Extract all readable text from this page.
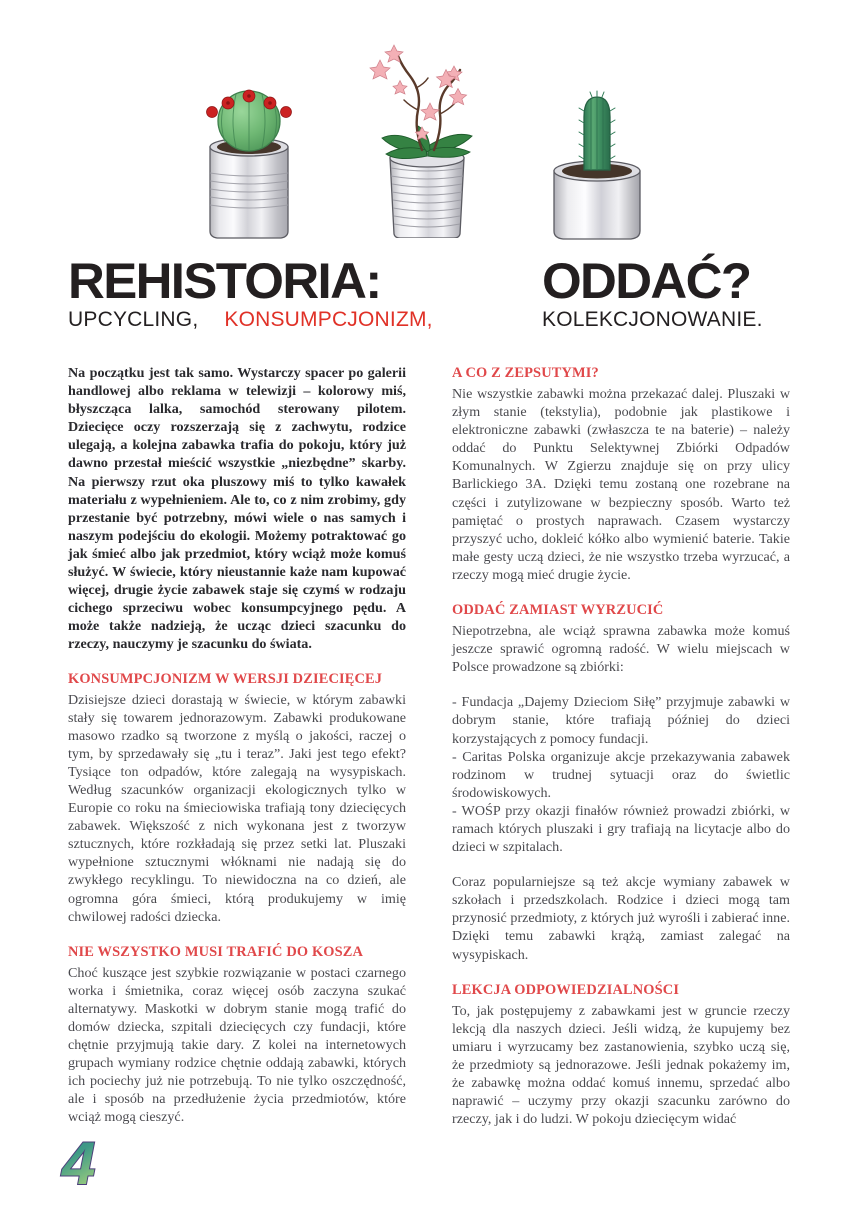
REHISTORIA:
UPCYCLING, KONSUMPCJONIZM,
ODDAĆ?
KOLEKCJONOWANIE.

Na początku jest tak samo. Wystarczy spacer po galerii handlowej albo reklama w telewizji – kolorowy miś, błyszcząca lalka, samochód sterowany pilotem. Dziecięce oczy rozszerzają się z zachwytu, rodzice ulegają, a kolejna zabawka trafia do pokoju, który już dawno przestał mieścić wszystkie „niezbędne” skarby. Na pierwszy rzut oka pluszowy miś to tylko kawałek materiału z wypełnieniem. Ale to, co z nim zrobimy, gdy przestanie być potrzebny, mówi wiele o nas samych i naszym podejściu do ekologii. Możemy potraktować go jak śmieć albo jak przedmiot, który wciąż może komuś służyć. W świecie, który nieustannie każe nam kupować więcej, drugie życie zabawek staje się czymś w rodzaju cichego sprzeciwu wobec konsumpcyjnego pędu. A może także nadzieją, że ucząc dzieci szacunku do rzeczy, nauczymy je szacunku do świata.

KONSUMPCJONIZM W WERSJI DZIECIĘCEJ

Dzisiejsze dzieci dorastają w świecie, w którym zabawki stały się towarem jednorazowym. Zabawki produkowane masowo rzadko są tworzone z myślą o jakości, raczej o tym, by sprzedawały się „tu i teraz”. Jaki jest tego efekt? Tysiące ton odpadów, które zalegają na wysypiskach. Według szacunków organizacji ekologicznych tylko w Europie co roku na śmieciowiska trafiają tony dziecięcych zabawek. Większość z nich wykonana jest z tworzyw sztucznych, które rozkładają się przez setki lat. Pluszaki wypełnione sztucznymi włóknami nie nadają się do zwykłego recyklingu. To niewidoczna na co dzień, ale ogromna góra śmieci, którą produkujemy w imię chwilowej radości dziecka.

NIE WSZYSTKO MUSI TRAFIĆ DO KOSZA

Choć kuszące jest szybkie rozwiązanie w postaci czarnego worka i śmietnika, coraz więcej osób zaczyna szukać alternatywy. Maskotki w dobrym stanie mogą trafić do domów dziecka, szpitali dziecięcych czy fundacji, które chętnie przyjmują takie dary. Z kolei na internetowych grupach wymiany rodzice chętnie oddają zabawki, których ich pociechy już nie potrzebują. To nie tylko oszczędność, ale i sposób na przedłużenie życia przedmiotów, które wciąż mogą cieszyć.

A CO Z ZEPSUTYMI?

Nie wszystkie zabawki można przekazać dalej. Pluszaki w złym stanie (tekstylia), podobnie jak plastikowe i elektroniczne zabawki (zwłaszcza te na baterie) – należy oddać do Punktu Selektywnej Zbiórki Odpadów Komunalnych. W Zgierzu znajduje się on przy ulicy Barlickiego 3A. Dzięki temu zostaną one rozebrane na części i zutylizowane w bezpieczny sposób. Warto też pamiętać o prostych naprawach. Czasem wystarczy przyszyć ucho, dokleić kółko albo wymienić baterie. Takie małe gesty uczą dzieci, że nie wszystko trzeba wyrzucać, a rzeczy mogą mieć drugie życie.

ODDAĆ ZAMIAST WYRZUCIĆ

Niepotrzebna, ale wciąż sprawna zabawka może komuś jeszcze sprawić ogromną radość. W wielu miejscach w Polsce prowadzone są zbiórki:

- Fundacja „Dajemy Dzieciom Siłę” przyjmuje zabawki w dobrym stanie, które trafiają później do dzieci korzystających z pomocy fundacji.

- Caritas Polska organizuje akcje przekazywania zabawek rodzinom w trudnej sytuacji oraz do świetlic środowiskowych.

- WOŚP przy okazji finałów również prowadzi zbiórki, w ramach których pluszaki i gry trafiają na licytacje albo do dzieci w szpitalach.

Coraz popularniejsze są też akcje wymiany zabawek w szkołach i przedszkolach. Rodzice i dzieci mogą tam przynosić przedmioty, z których już wyrośli i zabierać inne. Dzięki temu zabawki krążą, zamiast zalegać na wysypiskach.

LEKCJA ODPOWIEDZIALNOŚCI

To, jak postępujemy z zabawkami jest w gruncie rzeczy lekcją dla naszych dzieci. Jeśli widzą, że kupujemy bez umiaru i wyrzucamy bez zastanowienia, szybko uczą się, że przedmioty są jednorazowe. Jeśli jednak pokażemy im, że zabawkę można oddać komuś innemu, sprzedać albo naprawić – uczymy przy okazji szacunku zarówno do rzeczy, jak i do ludzi. W pokoju dziecięcym widać

4
